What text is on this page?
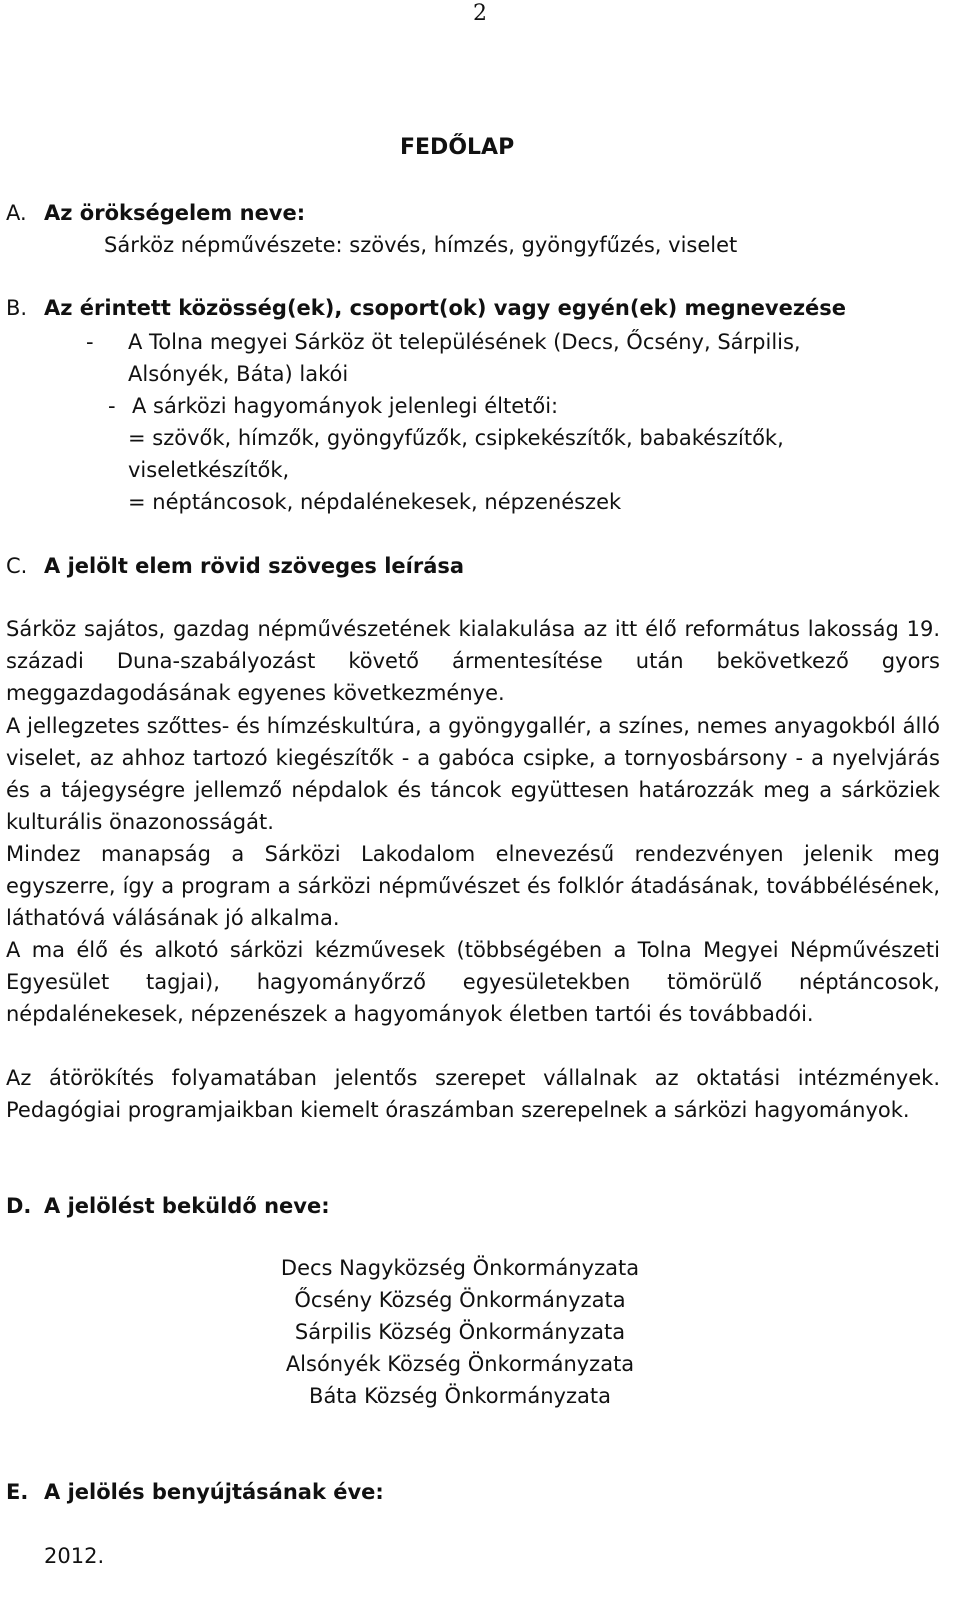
2
FEDŐLAP
A. Az örökségelem neve:
Sárköz népművészete: szövés, hímzés, gyöngyfűzés, viselet
B. Az érintett közösség(ek), csoport(ok) vagy egyén(ek) megnevezése
- A Tolna megyei Sárköz öt településének (Decs, Őcsény, Sárpilis,
Alsónyék, Báta) lakói
- A sárközi hagyományok jelenlegi éltetői:
= szövők, hímzők, gyöngyfűzők, csipkekészítők, babakészítők,
viseletkészítők,
= néptáncosok, népdalénekesek, népzenészek
C. A jelölt elem rövid szöveges leírása
Sárköz sajátos, gazdag népművészetének kialakulása az itt élő református lakosság 19. századi Duna-szabályozást követő ármentesítése után bekövetkező gyors meggazdagodásának egyenes következménye.
A jellegzetes szőttes- és hímzéskultúra, a gyöngygallér, a színes, nemes anyagokból álló viselet, az ahhoz tartozó kiegészítők - a gabóca csipke, a tornyosbársony - a nyelvjárás és a tájegységre jellemző népdalok és táncok együttesen határozzák meg a sárköziek kulturális önazonosságát.
Mindez manapság a Sárközi Lakodalom elnevezésű rendezvényen jelenik meg egyszerre, így a program a sárközi népművészet és folklór átadásának, továbbélésének, láthatóvá válásának jó alkalma.
A ma élő és alkotó sárközi kézművesek (többségében a Tolna Megyei Népművészeti Egyesület tagjai), hagyományőrző egyesületekben tömörülő néptáncosok, népdalénekesek, népzenészek a hagyományok életben tartói és továbbadói.
Az átörökítés folyamatában jelentős szerepet vállalnak az oktatási intézmények. Pedagógiai programjaikban kiemelt óraszámban szerepelnek a sárközi hagyományok.
D. A jelölést beküldő neve:
Decs Nagyközség Önkormányzata
Őcsény Község Önkormányzata
Sárpilis Község Önkormányzata
Alsónyék Község Önkormányzata
Báta Község Önkormányzata
E. A jelölés benyújtásának éve:
2012.
